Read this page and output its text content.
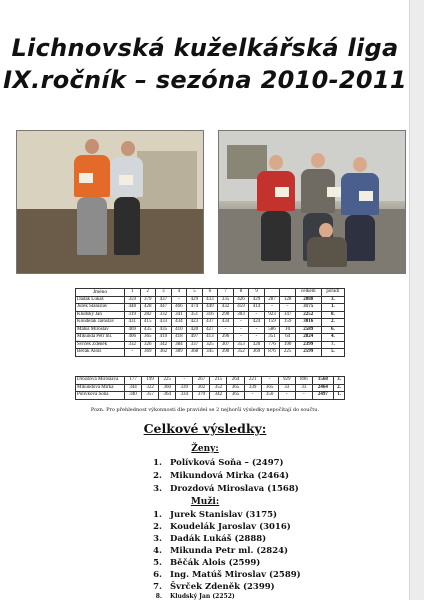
Lichnovská kuželkářská liga
IX.ročník – sezóna 2010-2011
Jméno	1	2	3	4	5	6	7	8	9			celkem	pořadí
Dadák Lukáš	359	379	437	-	429	433	335	426	429	287	128	2888	3.
Jurek Stanislav	448	428	447	466	474	449	432	459	414	-	-	3175	1.
Kludský Jan	319	282	332	341	351	316	290	303	-	923	147	2252	8.
Koudelák Jaroslav	431	415	433	434	423	437	434	-	424	159	159	3016	2.
Matúš Miroslav	469	435	435	410	420	427	-	-	-	586	10	2589	6.
Mikunda Petr ml.	406	365	419	418	497	413	396	-	-	351	64	2824	4.
Švrček Zdeněk	332	326	342	384	337	325	307	353	320	776	190	2399	7.
Běčák Alois	-	369	362	389	368	345	390	352	369	876	225	2599	5.
Drozdová Miroslava	177	199	225	-	267	215	264	221	-	929	896	1568	3.
Mikundová Mirka	344	322	360	339	302	352	365	339	365	33	33	2464	2.
Polívková Soňa	340	357	364	334	379	342	365	-	350	-	-	2497	1.
Pozn. Pro přehlednost výkonnosti dle pravidel se 2 nejhorší výsledky nepočítají do součtu.
Celkové výsledky:
Ženy:
1. Polívková Soňa – (2497)
2. Mikundová Mirka (2464)
3. Drozdová Miroslava (1568)
Muži:
1. Jurek Stanislav (3175)
2. Koudelák Jaroslav (3016)
3. Dadák Lukáš (2888)
4. Mikunda Petr ml. (2824)
5. Běčák Alois (2599)
6. Ing. Matúš Miroslav (2589)
7. Švrček Zdeněk (2399)
8. Kludský Jan (2252)
